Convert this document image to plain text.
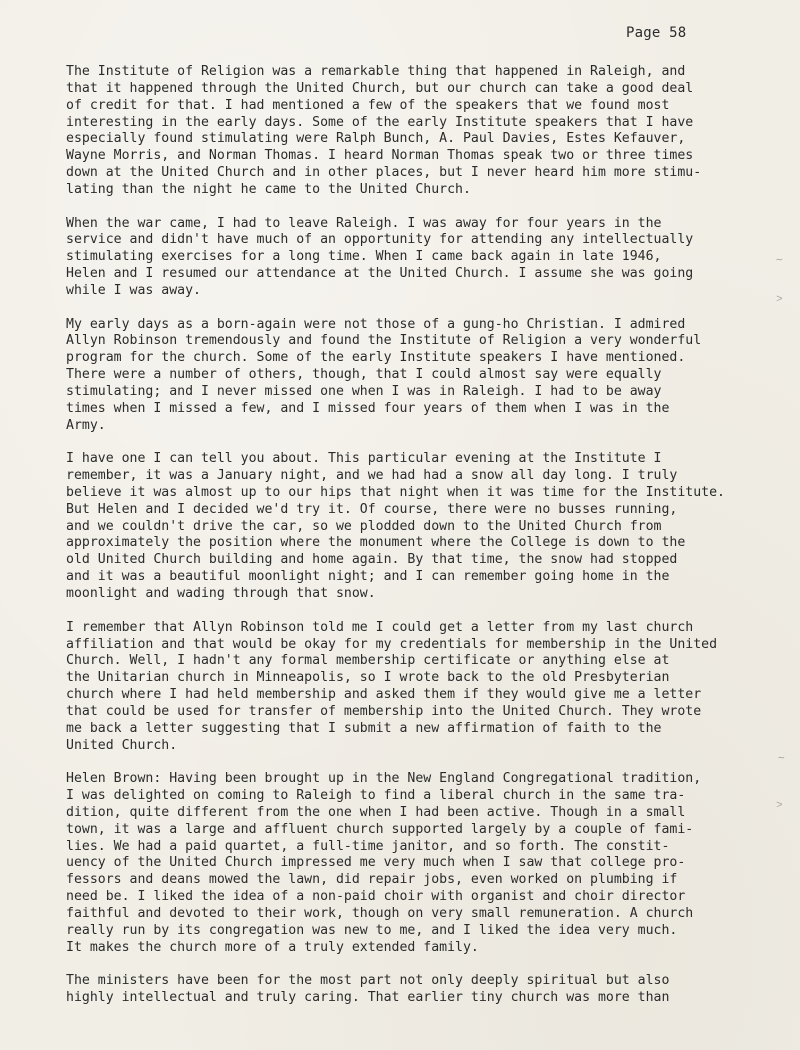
Page 58

The Institute of Religion was a remarkable thing that happened in Raleigh, and
that it happened through the United Church, but our church can take a good deal
of credit for that. I had mentioned a few of the speakers that we found most
interesting in the early days. Some of the early Institute speakers that I have
especially found stimulating were Ralph Bunch, A. Paul Davies, Estes Kefauver,
Wayne Morris, and Norman Thomas. I heard Norman Thomas speak two or three times
down at the United Church and in other places, but I never heard him more stimu-
lating than the night he came to the United Church.

When the war came, I had to leave Raleigh. I was away for four years in the
service and didn't have much of an opportunity for attending any intellectually
stimulating exercises for a long time. When I came back again in late 1946,
Helen and I resumed our attendance at the United Church. I assume she was going
while I was away.

My early days as a born-again were not those of a gung-ho Christian. I admired
Allyn Robinson tremendously and found the Institute of Religion a very wonderful
program for the church. Some of the early Institute speakers I have mentioned.
There were a number of others, though, that I could almost say were equally
stimulating; and I never missed one when I was in Raleigh. I had to be away
times when I missed a few, and I missed four years of them when I was in the
Army.

I have one I can tell you about. This particular evening at the Institute I
remember, it was a January night, and we had had a snow all day long. I truly
believe it was almost up to our hips that night when it was time for the Institute.
But Helen and I decided we'd try it. Of course, there were no busses running,
and we couldn't drive the car, so we plodded down to the United Church from
approximately the position where the monument where the College is down to the
old United Church building and home again. By that time, the snow had stopped
and it was a beautiful moonlight night; and I can remember going home in the
moonlight and wading through that snow.

I remember that Allyn Robinson told me I could get a letter from my last church
affiliation and that would be okay for my credentials for membership in the United
Church. Well, I hadn't any formal membership certificate or anything else at
the Unitarian church in Minneapolis, so I wrote back to the old Presbyterian
church where I had held membership and asked them if they would give me a letter
that could be used for transfer of membership into the United Church. They wrote
me back a letter suggesting that I submit a new affirmation of faith to the
United Church.

Helen Brown: Having been brought up in the New England Congregational tradition,
I was delighted on coming to Raleigh to find a liberal church in the same tra-
dition, quite different from the one when I had been active. Though in a small
town, it was a large and affluent church supported largely by a couple of fami-
lies. We had a paid quartet, a full-time janitor, and so forth. The constit-
uency of the United Church impressed me very much when I saw that college pro-
fessors and deans mowed the lawn, did repair jobs, even worked on plumbing if
need be. I liked the idea of a non-paid choir with organist and choir director
faithful and devoted to their work, though on very small remuneration. A church
really run by its congregation was new to me, and I liked the idea very much.
It makes the church more of a truly extended family.

The ministers have been for the most part not only deeply spiritual but also
highly intellectual and truly caring. That earlier tiny church was more than

∼
˃
∼
˃
